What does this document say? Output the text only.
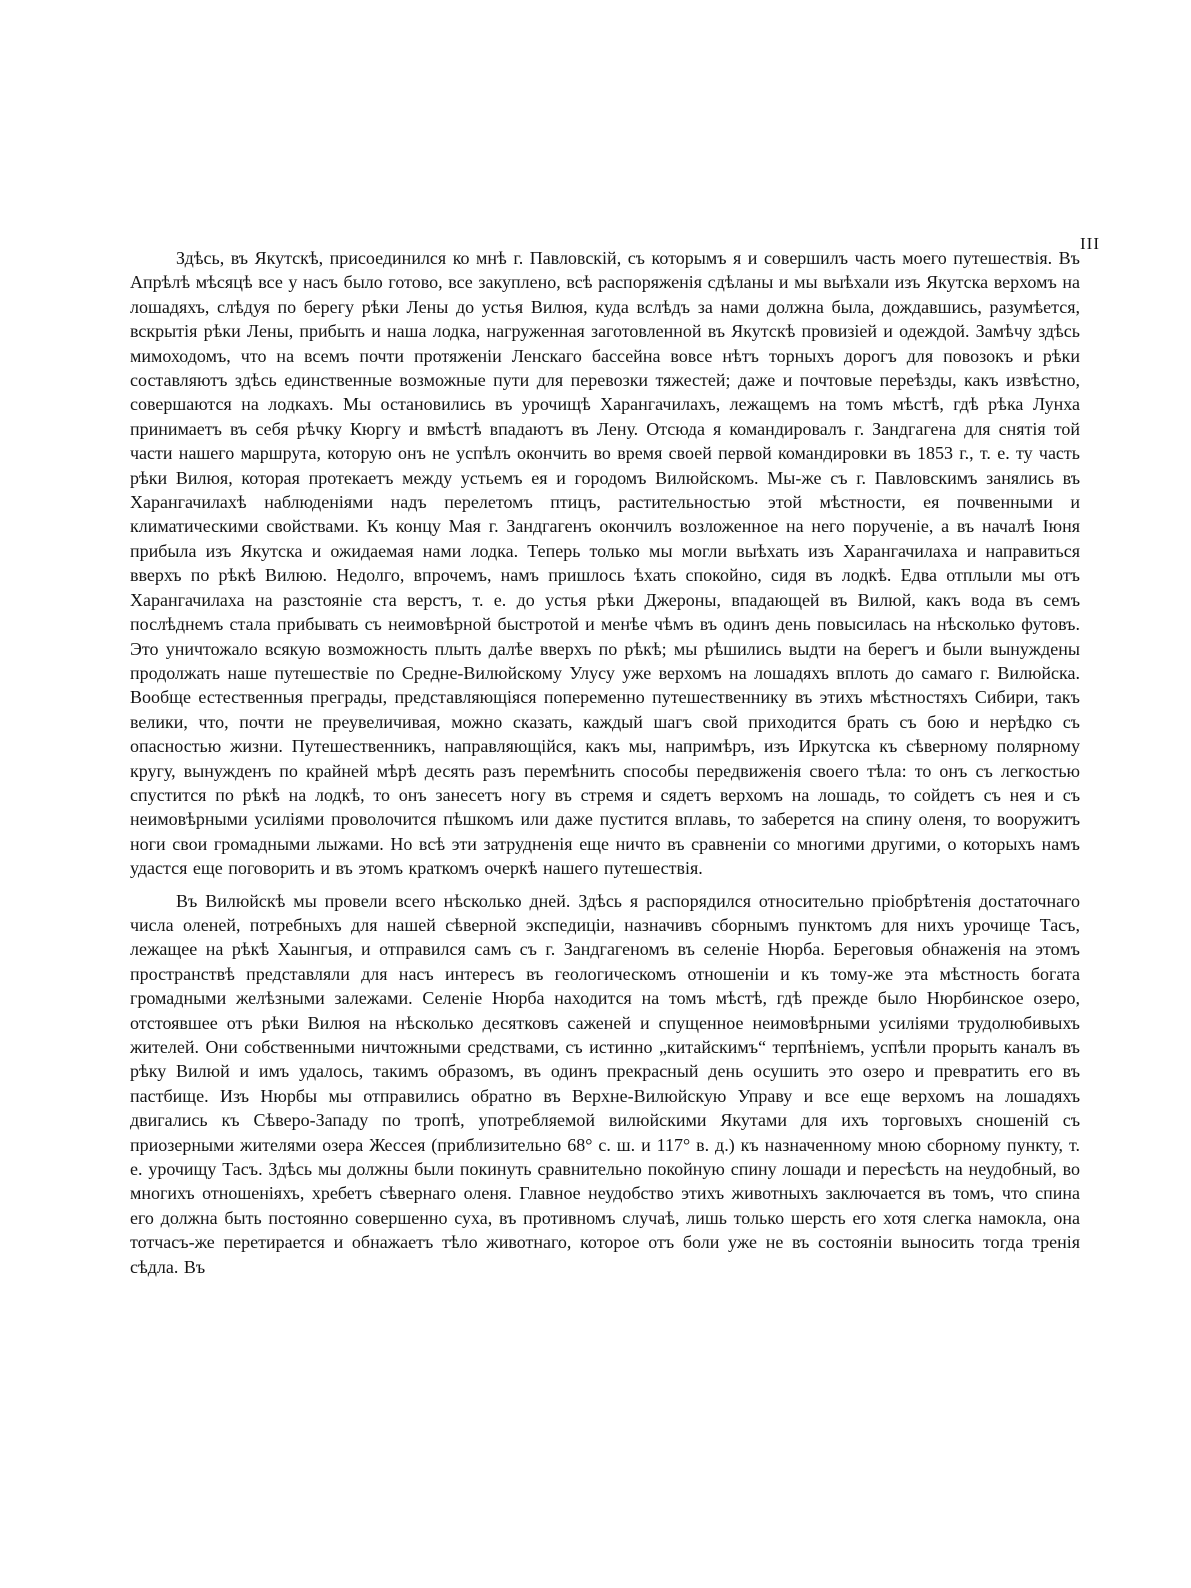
III

Здѣсь, въ Якутскѣ, присоединился ко мнѣ г. Павловскій, съ которымъ я и совершилъ часть моего путешествія. Въ Апрѣлѣ мѣсяцѣ все у насъ было готово, все закуплено, всѣ распоряженія сдѣланы и мы выѣхали изъ Якутска верхомъ на лошадяхъ, слѣдуя по берегу рѣки Лены до устья Вилюя, куда вслѣдъ за нами должна была, дождавшись, разумѣется, вскрытія рѣки Лены, прибыть и наша лодка, нагруженная заготовленной въ Якутскѣ провизіей и одеждой. Замѣчу здѣсь мимоходомъ, что на всемъ почти протяженіи Ленскаго бассейна вовсе нѣтъ торныхъ дорогъ для повозокъ и рѣки составляютъ здѣсь единственные возможные пути для перевозки тяжестей; даже и почтовые переѣзды, какъ извѣстно, совершаются на лодкахъ. Мы остановились въ урочищѣ Харангачилахъ, лежащемъ на томъ мѣстѣ, гдѣ рѣка Лунха принимаетъ въ себя рѣчку Кюргу и вмѣстѣ впадаютъ въ Лену. Отсюда я командировалъ г. Зандгагена для снятія той части нашего маршрута, которую онъ не успѣлъ окончить во время своей первой командировки въ 1853 г., т. е. ту часть рѣки Вилюя, которая протекаетъ между устьемъ ея и городомъ Вилюйскомъ. Мы-же съ г. Павловскимъ занялись въ Харангачилахѣ наблюденіями надъ перелетомъ птицъ, растительностью этой мѣстности, ея почвенными и климатическими свойствами. Къ концу Мая г. Зандгагенъ окончилъ возложенное на него порученіе, а въ началѣ Іюня прибыла изъ Якутска и ожидаемая нами лодка. Теперь только мы могли выѣхать изъ Харангачилаха и направиться вверхъ по рѣкѣ Вилюю. Недолго, впрочемъ, намъ пришлось ѣхать спокойно, сидя въ лодкѣ. Едва отплыли мы отъ Харангачилаха на разстояніе ста верстъ, т. е. до устья рѣки Джероны, впадающей въ Вилюй, какъ вода въ семъ послѣднемъ стала прибывать съ неимовѣрной быстротой и менѣе чѣмъ въ одинъ день повысилась на нѣсколько футовъ. Это уничтожало всякую возможность плыть далѣе вверхъ по рѣкѣ; мы рѣшились выдти на берегъ и были вынуждены продолжать наше путешествіе по Средне-Вилюйскому Улусу уже верхомъ на лошадяхъ вплоть до самаго г. Вилюйска. Вообще естественныя преграды, представляющіяся попеременно путешественнику въ этихъ мѣстностяхъ Сибири, такъ велики, что, почти не преувеличивая, можно сказать, каждый шагъ свой приходится брать съ бою и нерѣдко съ опасностью жизни. Путешественникъ, направляющійся, какъ мы, напримѣръ, изъ Иркутска къ сѣверному полярному кругу, вынужденъ по крайней мѣрѣ десять разъ перемѣнить способы передвиженія своего тѣла: то онъ съ легкостью спустится по рѣкѣ на лодкѣ, то онъ занесетъ ногу въ стремя и сядетъ верхомъ на лошадь, то сойдетъ съ нея и съ неимовѣрными усиліями проволочится пѣшкомъ или даже пустится вплавь, то заберется на спину оленя, то вооружитъ ноги свои громадными лыжами. Но всѣ эти затрудненія еще ничто въ сравненіи со многими другими, о которыхъ намъ удастся еще поговорить и въ этомъ краткомъ очеркѣ нашего путешествія.

Въ Вилюйскѣ мы провели всего нѣсколько дней. Здѣсь я распорядился относительно пріобрѣтенія достаточнаго числа оленей, потребныхъ для нашей сѣверной экспедиціи, назначивъ сборнымъ пунктомъ для нихъ урочище Тасъ, лежащее на рѣкѣ Хаынгыя, и отправился самъ съ г. Зандгагеномъ въ селеніе Нюрба. Береговыя обнаженія на этомъ пространствѣ представляли для насъ интересъ въ геологическомъ отношеніи и къ тому-же эта мѣстность богата громадными желѣзными залежами. Селеніе Нюрба находится на томъ мѣстѣ, гдѣ прежде было Нюрбинское озеро, отстоявшее отъ рѣки Вилюя на нѣсколько десятковъ саженей и спущенное неимовѣрными усиліями трудолюбивыхъ жителей. Они собственными ничтожными средствами, съ истинно „китайскимъ“ терпѣніемъ, успѣли прорыть каналъ въ рѣку Вилюй и имъ удалось, такимъ образомъ, въ одинъ прекрасный день осушить это озеро и превратить его въ пастбище. Изъ Нюрбы мы отправились обратно въ Верхне-Вилюйскую Управу и все еще верхомъ на лошадяхъ двигались къ Сѣверо-Западу по тропѣ, употребляемой вилюйскими Якутами для ихъ торговыхъ сношеній съ приозерными жителями озера Жессея (приблизительно 68° с. ш. и 117° в. д.) къ назначенному мною сборному пункту, т. е. урочищу Тасъ. Здѣсь мы должны были покинуть сравнительно покойную спину лошади и пересѣсть на неудобный, во многихъ отношеніяхъ, хребетъ сѣвернаго оленя. Главное неудобство этихъ животныхъ заключается въ томъ, что спина его должна быть постоянно совершенно суха, въ противномъ случаѣ, лишь только шерсть его хотя слегка намокла, она тотчасъ-же перетирается и обнажаетъ тѣло животнаго, которое отъ боли уже не въ состояніи выносить тогда тренія сѣдла. Въ
